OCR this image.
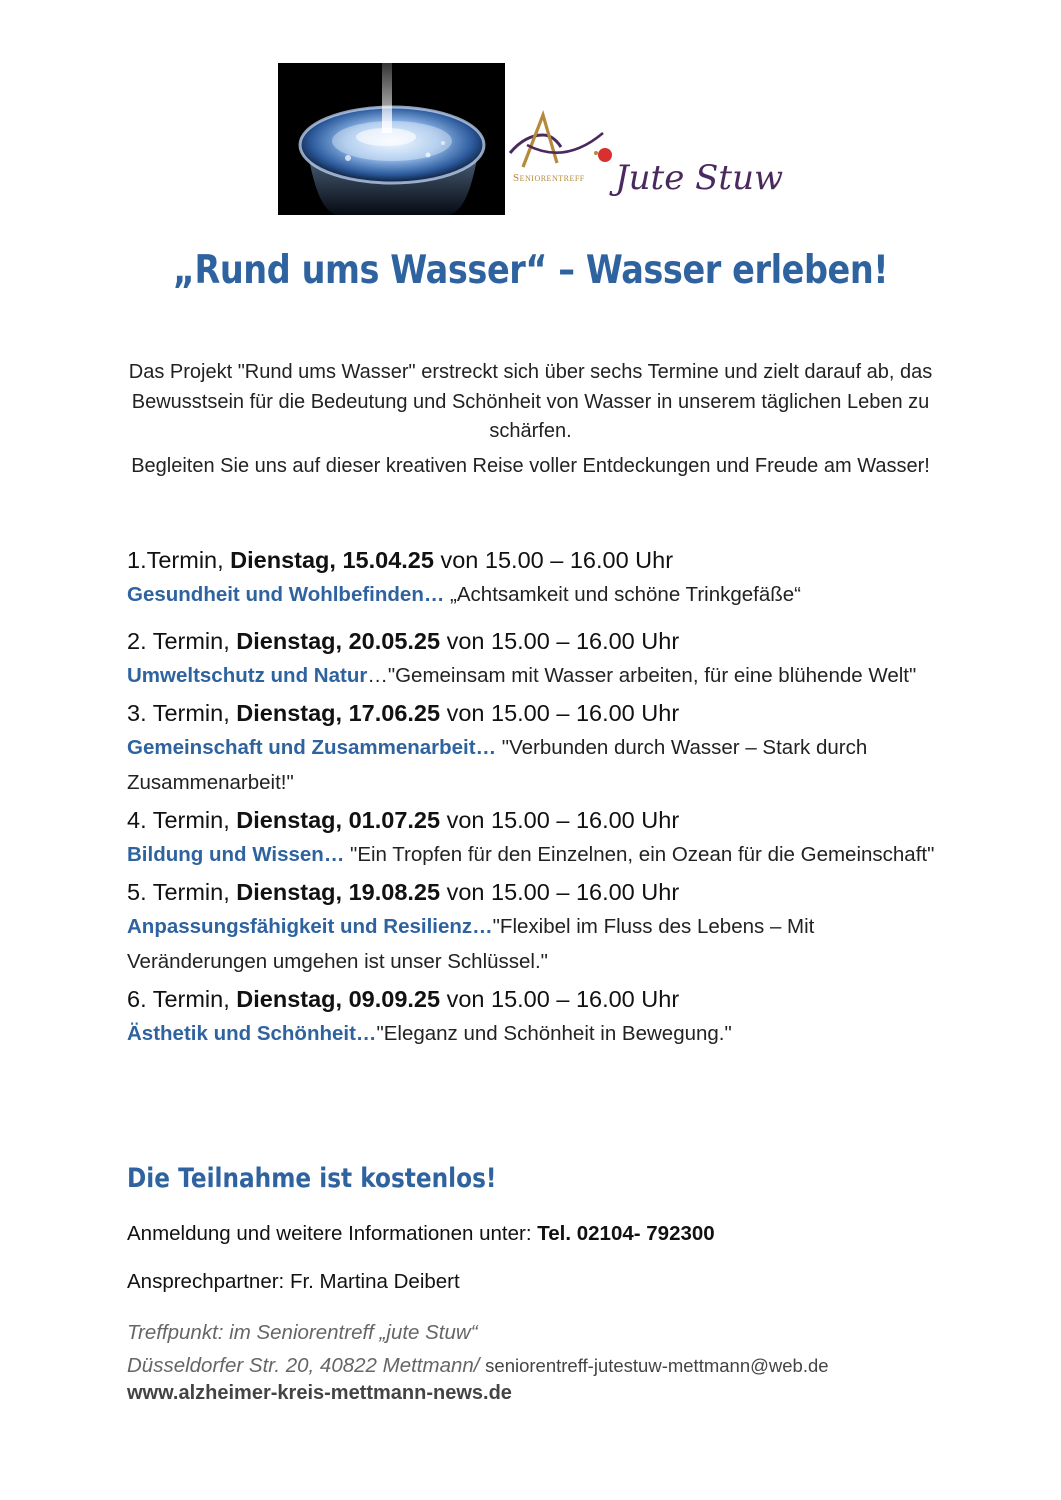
Seniorentreff Jute Stuw
„Rund ums Wasser“ – Wasser erleben!

Das Projekt "Rund ums Wasser" erstreckt sich über sechs Termine und zielt darauf ab, das Bewusstsein für die Bedeutung und Schönheit von Wasser in unserem täglichen Leben zu schärfen.

Begleiten Sie uns auf dieser kreativen Reise voller Entdeckungen und Freude am Wasser!

1.Termin, Dienstag, 15.04.25 von 15.00 – 16.00 Uhr

Gesundheit und Wohlbefinden… „Achtsamkeit und schöne Trinkgefäße“

2. Termin, Dienstag, 20.05.25 von 15.00 – 16.00 Uhr

Umweltschutz und Natur…"Gemeinsam mit Wasser arbeiten, für eine blühende Welt"

3. Termin, Dienstag, 17.06.25 von 15.00 – 16.00 Uhr

Gemeinschaft und Zusammenarbeit… "Verbunden durch Wasser – Stark durch Zusammenarbeit!"

4. Termin, Dienstag, 01.07.25 von 15.00 – 16.00 Uhr

Bildung und Wissen… "Ein Tropfen für den Einzelnen, ein Ozean für die Gemeinschaft"

5. Termin, Dienstag, 19.08.25 von 15.00 – 16.00 Uhr

Anpassungsfähigkeit und Resilienz…"Flexibel im Fluss des Lebens – Mit Veränderungen umgehen ist unser Schlüssel."

6. Termin, Dienstag, 09.09.25 von 15.00 – 16.00 Uhr

Ästhetik und Schönheit…"Eleganz und Schönheit in Bewegung."

Die Teilnahme ist kostenlos!
Anmeldung und weitere Informationen unter: Tel. 02104- 792300
Ansprechpartner: Fr. Martina Deibert
Treffpunkt: im Seniorentreff „jute Stuw“
Düsseldorfer Str. 20, 40822 Mettmann/ seniorentreff-jutestuw-mettmann@web.de
www.alzheimer-kreis-mettmann-news.de
